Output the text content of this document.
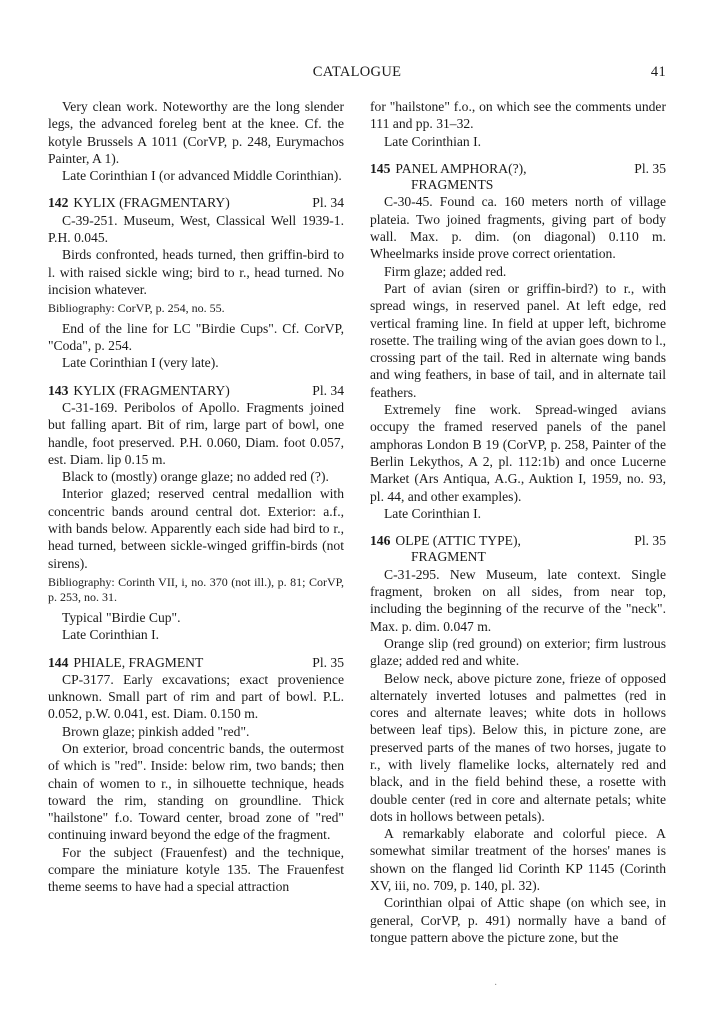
CATALOGUE	41

Very clean work. Noteworthy are the long slender legs, the advanced foreleg bent at the knee. Cf. the kotyle Brussels A 1011 (CorVP, p. 248, Eurymachos Painter, A 1).

Late Corinthian I (or advanced Middle Corinthian).

142 KYLIX (FRAGMENTARY)	Pl. 34

C-39-251. Museum, West, Classical Well 1939-1. P.H. 0.045.

Birds confronted, heads turned, then griffin-bird to l. with raised sickle wing; bird to r., head turned. No incision whatever.

Bibliography: CorVP, p. 254, no. 55.

End of the line for LC "Birdie Cups". Cf. CorVP, "Coda", p. 254.

Late Corinthian I (very late).

143 KYLIX (FRAGMENTARY)	Pl. 34

C-31-169. Peribolos of Apollo. Fragments joined but falling apart. Bit of rim, large part of bowl, one handle, foot preserved. P.H. 0.060, Diam. foot 0.057, est. Diam. lip 0.15 m.

Black to (mostly) orange glaze; no added red (?).

Interior glazed; reserved central medallion with concentric bands around central dot. Exterior: a.f., with bands below. Apparently each side had bird to r., head turned, between sickle-winged griffin-birds (not sirens).

Bibliography: Corinth VII, i, no. 370 (not ill.), p. 81; CorVP, p. 253, no. 31.

Typical "Birdie Cup".

Late Corinthian I.

144 PHIALE, FRAGMENT	Pl. 35

CP-3177. Early excavations; exact provenience unknown. Small part of rim and part of bowl. P.L. 0.052, p.W. 0.041, est. Diam. 0.150 m.

Brown glaze; pinkish added "red".

On exterior, broad concentric bands, the outermost of which is "red". Inside: below rim, two bands; then chain of women to r., in silhouette technique, heads toward the rim, standing on groundline. Thick "hailstone" f.o. Toward center, broad zone of "red" continuing inward beyond the edge of the fragment.

For the subject (Frauenfest) and the technique, compare the miniature kotyle 135. The Frauenfest theme seems to have had a special attraction

for "hailstone" f.o., on which see the comments under 111 and pp. 31–32.

Late Corinthian I.

145 PANEL AMPHORA(?),	Pl. 35
FRAGMENTS

C-30-45. Found ca. 160 meters north of village plateia. Two joined fragments, giving part of body wall. Max. p. dim. (on diagonal) 0.110 m. Wheelmarks inside prove correct orientation.

Firm glaze; added red.

Part of avian (siren or griffin-bird?) to r., with spread wings, in reserved panel. At left edge, red vertical framing line. In field at upper left, bichrome rosette. The trailing wing of the avian goes down to l., crossing part of the tail. Red in alternate wing bands and wing feathers, in base of tail, and in alternate tail feathers.

Extremely fine work. Spread-winged avians occupy the framed reserved panels of the panel amphoras London B 19 (CorVP, p. 258, Painter of the Berlin Lekythos, A 2, pl. 112:1b) and once Lucerne Market (Ars Antiqua, A.G., Auktion I, 1959, no. 93, pl. 44, and other examples).

Late Corinthian I.

146 OLPE (ATTIC TYPE),	Pl. 35
FRAGMENT

C-31-295. New Museum, late context. Single fragment, broken on all sides, from near top, including the beginning of the recurve of the "neck". Max. p. dim. 0.047 m.

Orange slip (red ground) on exterior; firm lustrous glaze; added red and white.

Below neck, above picture zone, frieze of opposed alternately inverted lotuses and palmettes (red in cores and alternate leaves; white dots in hollows between leaf tips). Below this, in picture zone, are preserved parts of the manes of two horses, jugate to r., with lively flamelike locks, alternately red and black, and in the field behind these, a rosette with double center (red in core and alternate petals; white dots in hollows between petals).

A remarkably elaborate and colorful piece. A somewhat similar treatment of the horses' manes is shown on the flanged lid Corinth KP 1145 (Corinth XV, iii, no. 709, p. 140, pl. 32).

Corinthian olpai of Attic shape (on which see, in general, CorVP, p. 491) normally have a band of tongue pattern above the picture zone, but the

·
